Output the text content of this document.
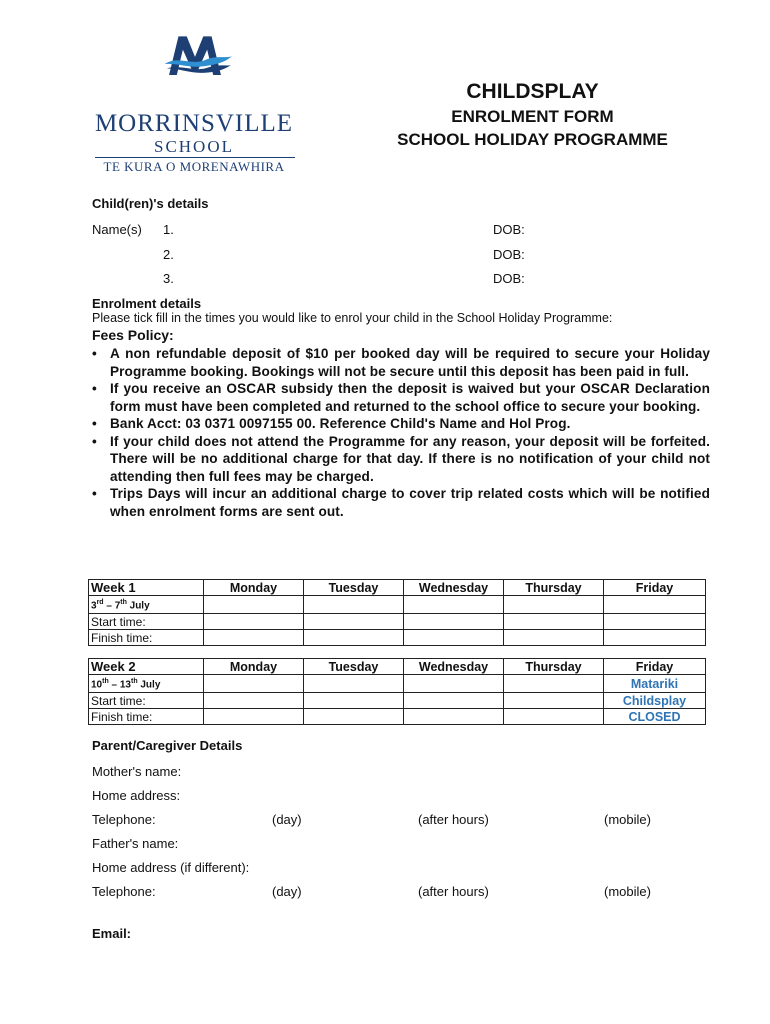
MORRINSVILLE
SCHOOL
TE KURA O MORENAWHIRA
CHILDSPLAY
ENROLMENT FORM
SCHOOL HOLIDAY PROGRAMME
Child(ren)'s details
Name(s) 1.	DOB:
2.	DOB:
3.	DOB:
Enrolment details
Please tick fill in the times you would like to enrol your child in the School Holiday Programme:
Fees Policy:
• A non refundable deposit of $10 per booked day will be required to secure your Holiday Programme booking. Bookings will not be secure until this deposit has been paid in full.
• If you receive an OSCAR subsidy then the deposit is waived but your OSCAR Declaration form must have been completed and returned to the school office to secure your booking.
• Bank Acct: 03 0371 0097155 00. Reference Child's Name and Hol Prog.
• If your child does not attend the Programme for any reason, your deposit will be forfeited. There will be no additional charge for that day. If there is no notification of your child not attending then full fees may be charged.
• Trips Days will incur an additional charge to cover trip related costs which will be notified when enrolment forms are sent out.
Week 1	Monday	Tuesday	Wednesday	Thursday	Friday
3rd – 7th July					
Start time:					
Finish time:					
Week 2	Monday	Tuesday	Wednesday	Thursday	Friday
10th – 13th July					Matariki
Start time:					Childsplay
Finish time:					CLOSED
Parent/Caregiver Details
Mother's name:
Home address:
Telephone:	(day)	(after hours)	(mobile)
Father's name:
Home address (if different):
Telephone:	(day)	(after hours)	(mobile)
Email:
